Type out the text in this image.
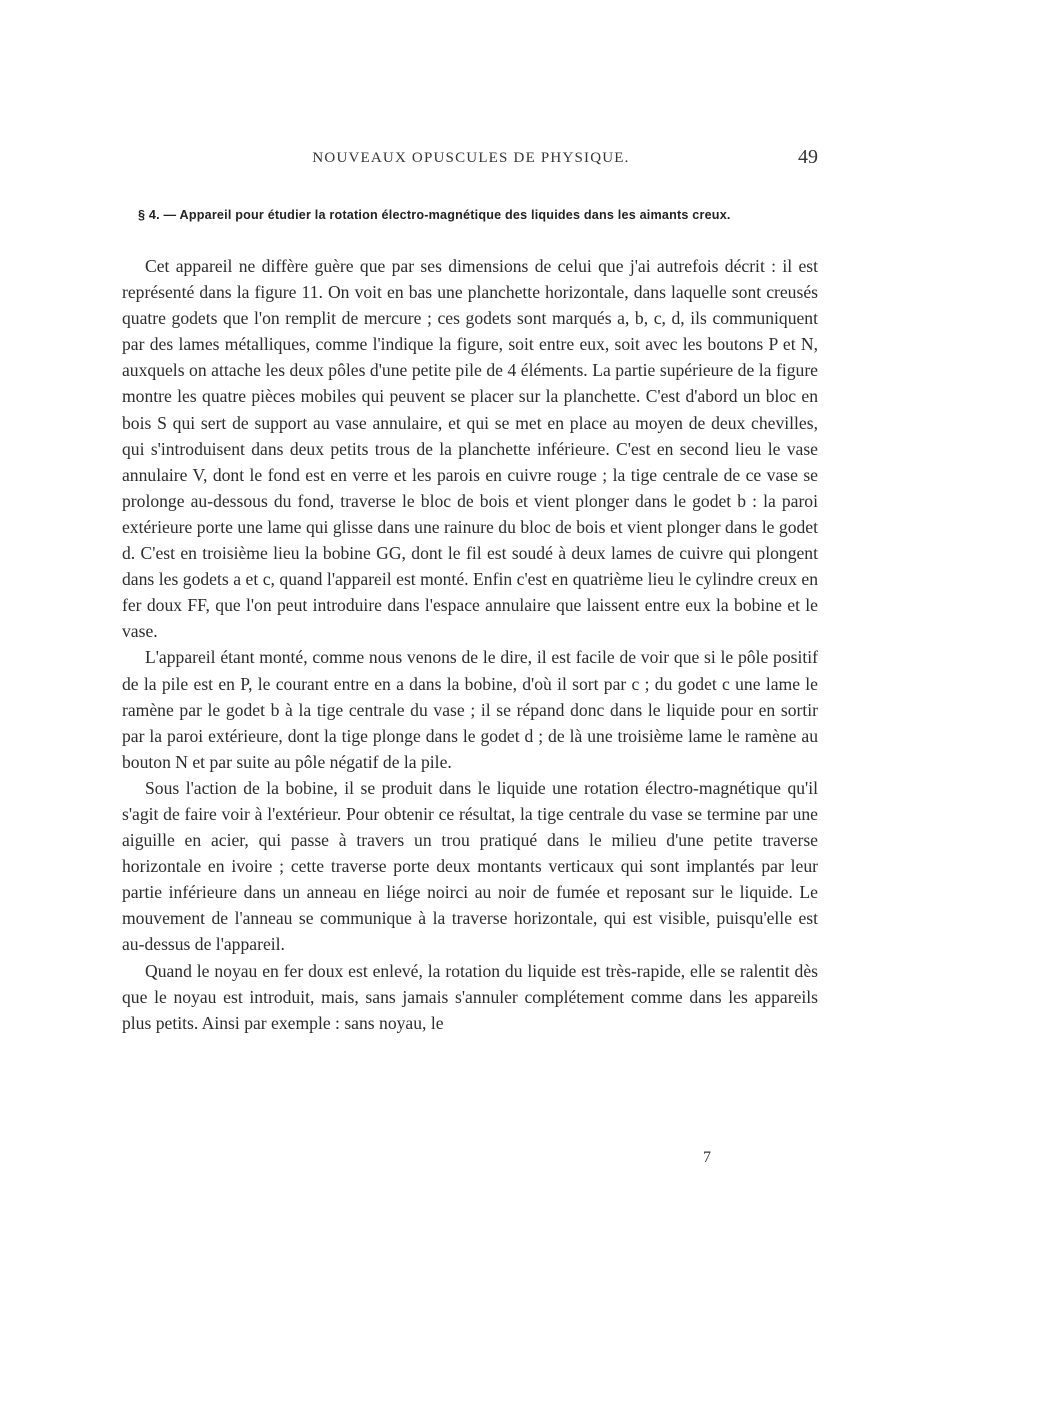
NOUVEAUX OPUSCULES DE PHYSIQUE.	49
§ 4. — Appareil pour étudier la rotation électro-magnétique des liquides dans les aimants creux.

Cet appareil ne diffère guère que par ses dimensions de celui que j'ai autrefois décrit : il est représenté dans la figure 11. On voit en bas une planchette horizontale, dans laquelle sont creusés quatre godets que l'on remplit de mercure ; ces godets sont marqués a, b, c, d, ils communiquent par des lames métalliques, comme l'indique la figure, soit entre eux, soit avec les boutons P et N, auxquels on attache les deux pôles d'une petite pile de 4 éléments. La partie supérieure de la figure montre les quatre pièces mobiles qui peuvent se placer sur la planchette. C'est d'abord un bloc en bois S qui sert de support au vase annulaire, et qui se met en place au moyen de deux chevilles, qui s'introduisent dans deux petits trous de la planchette inférieure. C'est en second lieu le vase annulaire V, dont le fond est en verre et les parois en cuivre rouge ; la tige centrale de ce vase se prolonge au-dessous du fond, traverse le bloc de bois et vient plonger dans le godet b : la paroi extérieure porte une lame qui glisse dans une rainure du bloc de bois et vient plonger dans le godet d. C'est en troisième lieu la bobine GG, dont le fil est soudé à deux lames de cuivre qui plongent dans les godets a et c, quand l'appareil est monté. Enfin c'est en quatrième lieu le cylindre creux en fer doux FF, que l'on peut introduire dans l'espace annulaire que laissent entre eux la bobine et le vase.

L'appareil étant monté, comme nous venons de le dire, il est facile de voir que si le pôle positif de la pile est en P, le courant entre en a dans la bobine, d'où il sort par c ; du godet c une lame le ramène par le godet b à la tige centrale du vase ; il se répand donc dans le liquide pour en sortir par la paroi extérieure, dont la tige plonge dans le godet d ; de là une troisième lame le ramène au bouton N et par suite au pôle négatif de la pile.

Sous l'action de la bobine, il se produit dans le liquide une rotation électro-magnétique qu'il s'agit de faire voir à l'extérieur. Pour obtenir ce résultat, la tige centrale du vase se termine par une aiguille en acier, qui passe à travers un trou pratiqué dans le milieu d'une petite traverse horizontale en ivoire ; cette traverse porte deux montants verticaux qui sont implantés par leur partie inférieure dans un anneau en liége noirci au noir de fumée et reposant sur le liquide. Le mouvement de l'anneau se communique à la traverse horizontale, qui est visible, puisqu'elle est au-dessus de l'appareil.

Quand le noyau en fer doux est enlevé, la rotation du liquide est très-rapide, elle se ralentit dès que le noyau est introduit, mais, sans jamais s'annuler complétement comme dans les appareils plus petits. Ainsi par exemple : sans noyau, le

7
